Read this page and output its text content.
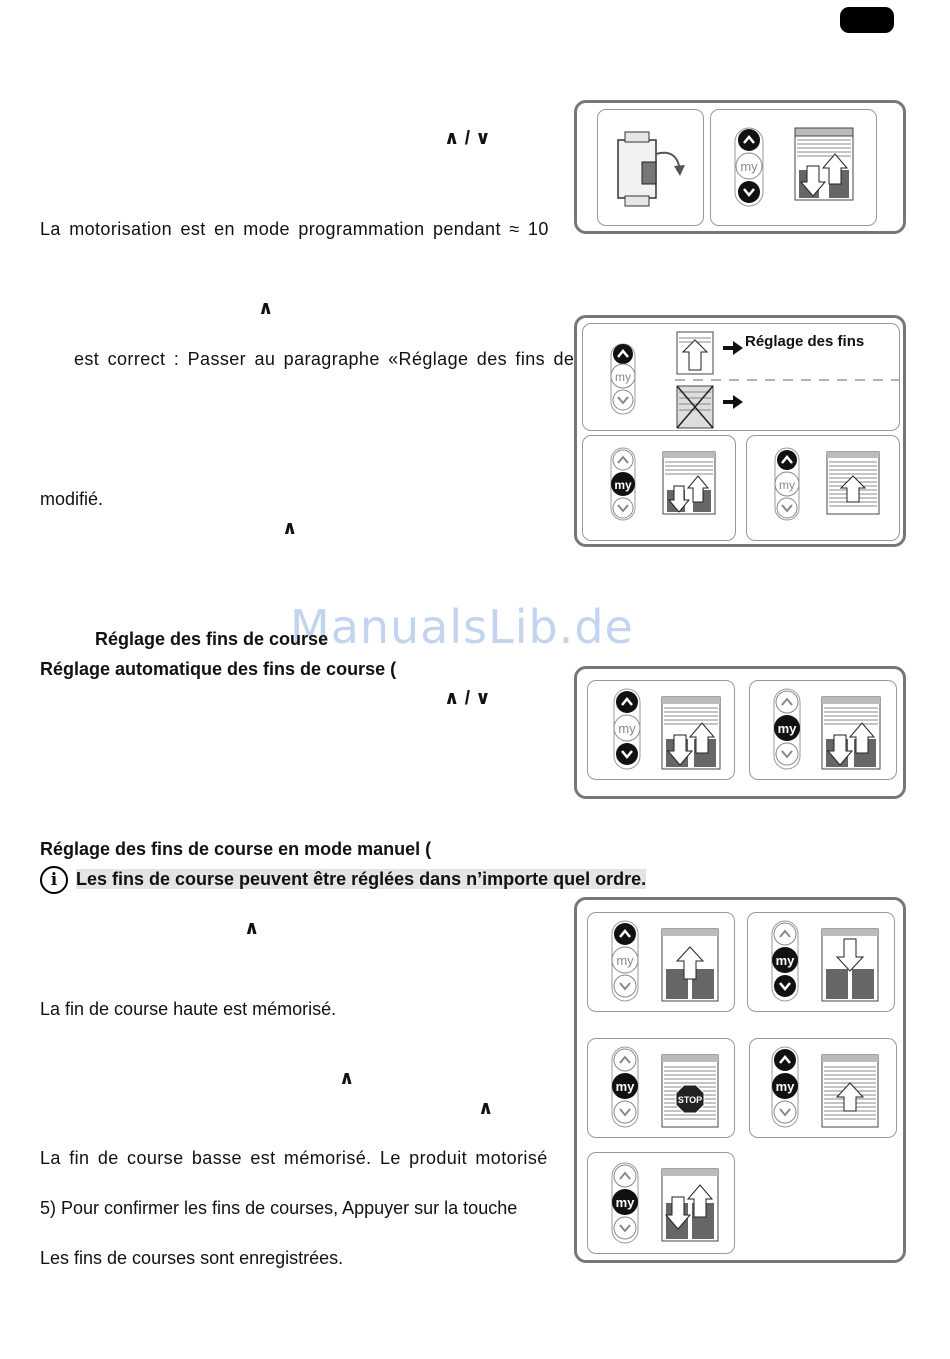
∧ / ∨
La motorisation est en mode programmation pendant ≈ 10
my
∧
est correct : Passer au paragraphe «Réglage des fins de
modifié.
∧
my
Réglage des fins
my	my
ManualsLib.de
Réglage des fins de course
Réglage automatique des fins de course (
∧ / ∨
my	my
Réglage des fins de course en mode manuel (
i Les fins de course peuvent être réglées dans n’importe quel ordre.
∧
La fin de course haute est mémorisé.
∧
∧
La fin de course basse est mémorisé. Le produit motorisé
5) Pour confirmer les fins de courses, Appuyer sur la touche
Les fins de courses sont enregistrées.
my	my
my
STOP
my
my
